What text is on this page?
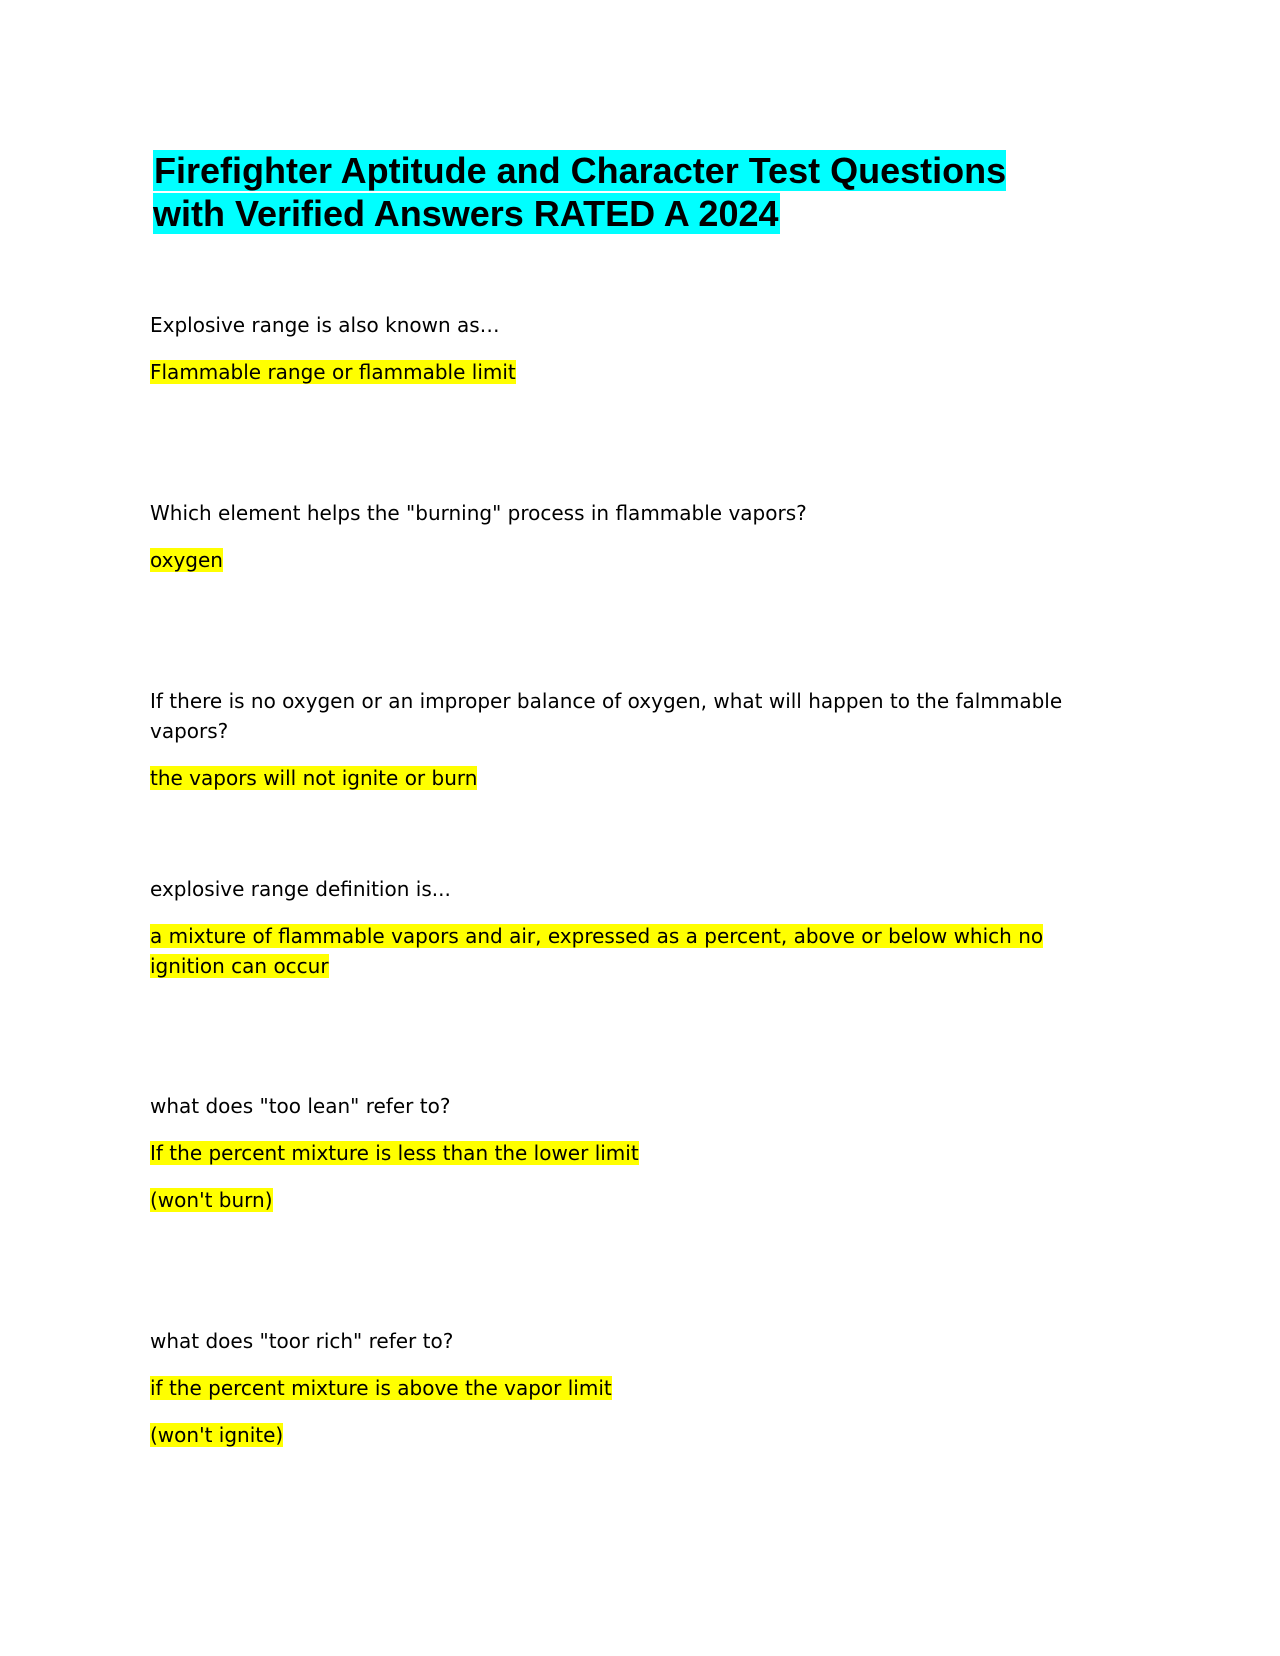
Firefighter Aptitude and Character Test Questions with Verified Answers RATED A 2024

Explosive range is also known as…

Flammable range or flammable limit

Which element helps the "burning" process in flammable vapors?

oxygen

If there is no oxygen or an improper balance of oxygen, what will happen to the falmmable vapors?

the vapors will not ignite or burn

explosive range definition is...

a mixture of flammable vapors and air, expressed as a percent, above or below which no ignition can occur

what does "too lean" refer to?

If the percent mixture is less than the lower limit

(won't burn)

what does "toor rich" refer to?

if the percent mixture is above the vapor limit

(won't ignite)
